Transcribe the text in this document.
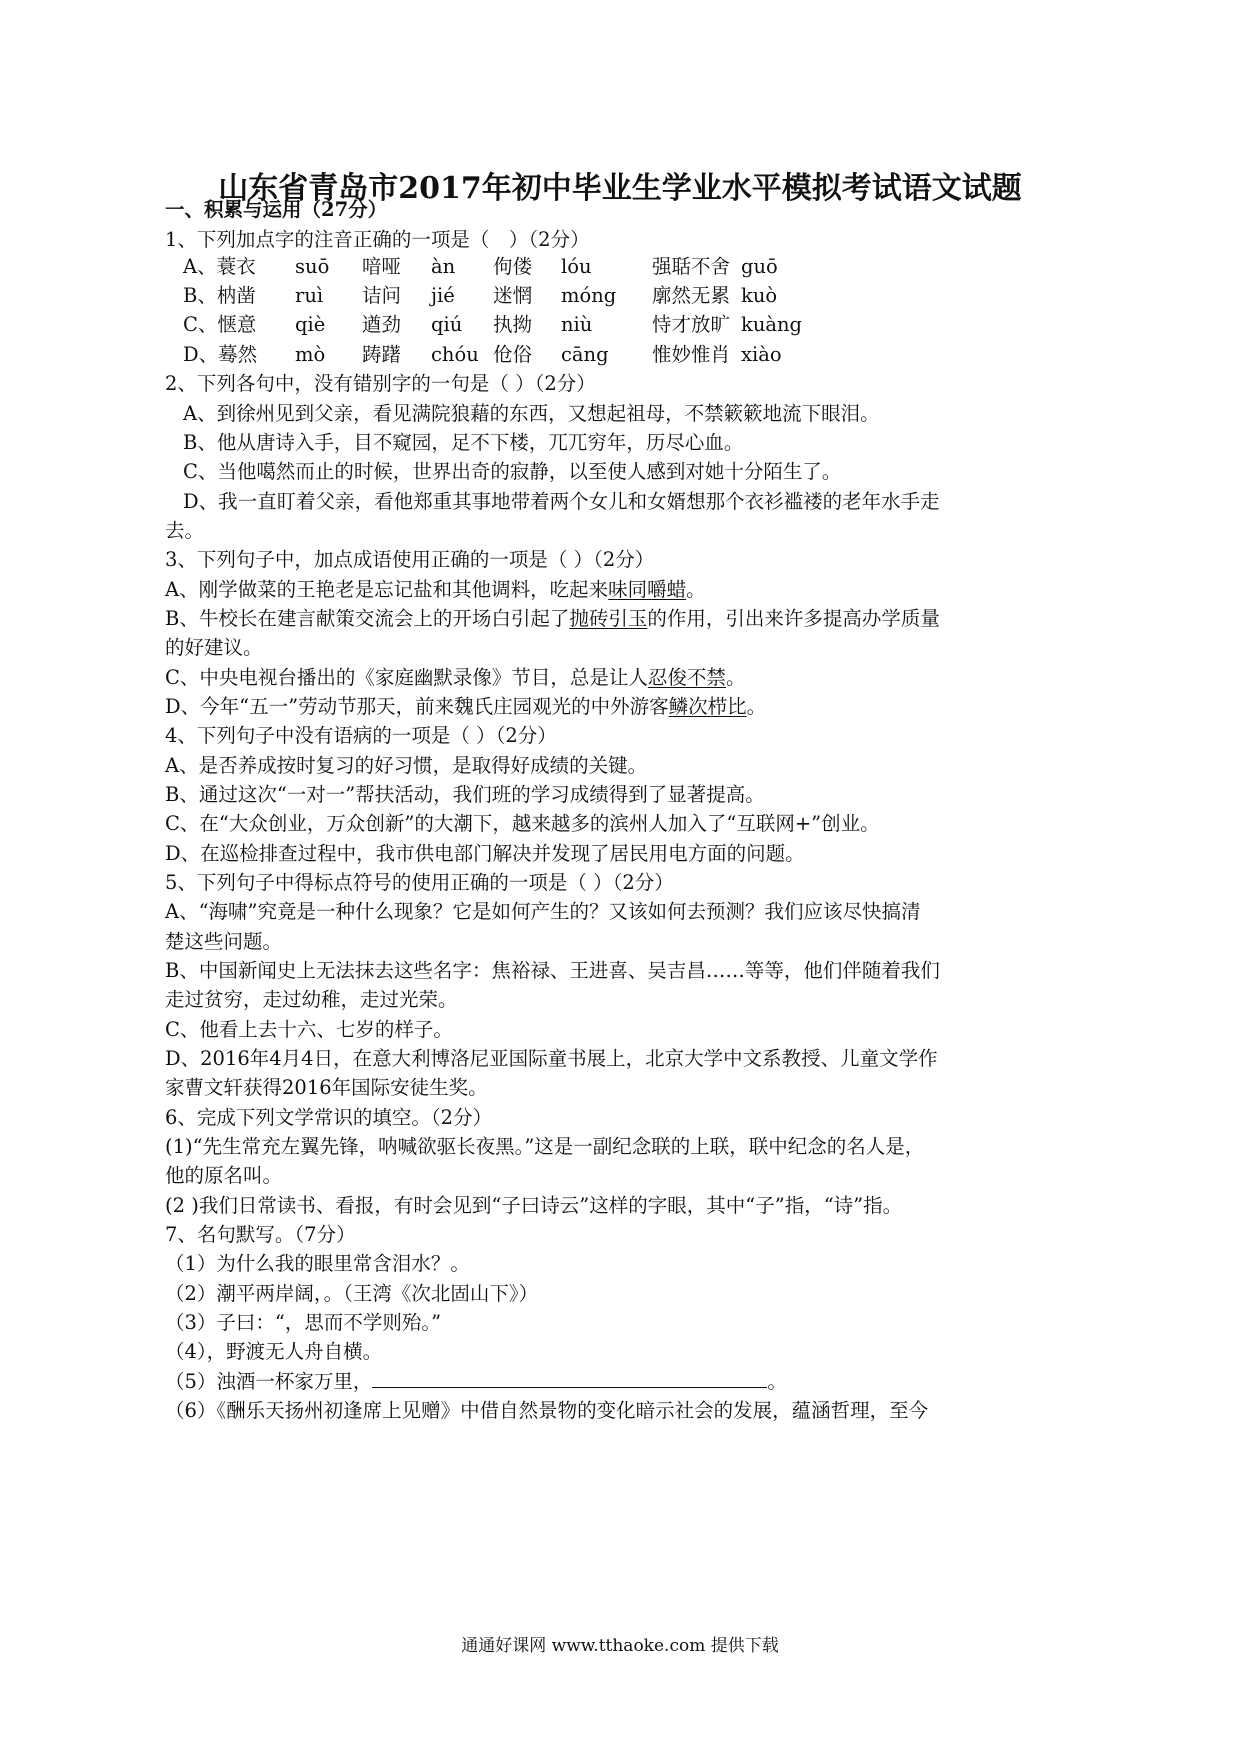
山东省青岛市2017年初中毕业生学业水平模拟考试语文试题
一、积累与运用（27分）
1、下列加点字的注音正确的一项是（　）（2分）
A、蓑衣 suō 喑哑 àn 佝偻 lóu	强聒不舍 guō
B、枘凿 ruì 诘问 jié 迷惘 móng 廓然无累 kuò
C、惬意 qiè 遒劲 qiú 执拗 niù	恃才放旷 kuàng
D、蓦然 mò 踌躇 chóu 伧俗 cāng 惟妙惟肖 xiào
2、下列各句中，没有错别字的一句是（ ）（2分）
A、到徐州见到父亲，看见满院狼藉的东西，又想起祖母，不禁簌簌地流下眼泪。
B、他从唐诗入手，目不窥园，足不下楼，兀兀穷年，历尽心血。
C、当他噶然而止的时候，世界出奇的寂静，以至使人感到对她十分陌生了。
D、我一直盯着父亲，看他郑重其事地带着两个女儿和女婿想那个衣衫褴褛的老年水手走
去。
3、下列句子中，加点成语使用正确的一项是（ ）（2分）
A、刚学做菜的王艳老是忘记盐和其他调料，吃起来味同嚼蜡。
B、牛校长在建言献策交流会上的开场白引起了抛砖引玉的作用，引出来许多提高办学质量
的好建议。
C、中央电视台播出的《家庭幽默录像》节目，总是让人忍俊不禁。
D、今年“五一”劳动节那天，前来魏氏庄园观光的中外游客鳞次栉比。
4、下列句子中没有语病的一项是（ ）（2分）
A、是否养成按时复习的好习惯，是取得好成绩的关键。
B、通过这次“一对一”帮扶活动，我们班的学习成绩得到了显著提高。
C、在“大众创业，万众创新”的大潮下，越来越多的滨州人加入了“互联网+”创业。
D、在巡检排查过程中，我市供电部门解决并发现了居民用电方面的问题。
5、下列句子中得标点符号的使用正确的一项是（ ）（2分）
A、“海啸”究竟是一种什么现象？它是如何产生的？又该如何去预测？我们应该尽快搞清
楚这些问题。
B、中国新闻史上无法抹去这些名字：焦裕禄、王进喜、吴吉昌……等等，他们伴随着我们
走过贫穷，走过幼稚，走过光荣。
C、他看上去十六、七岁的样子。
D、2016年4月4日，在意大利博洛尼亚国际童书展上，北京大学中文系教授、儿童文学作
家曹文轩获得2016年国际安徒生奖。
6、完成下列文学常识的填空。（2分）
(1)“先生常充左翼先锋，呐喊欲驱长夜黑。”这是一副纪念联的上联，联中纪念的名人是，
他的原名叫。
(2 )我们日常读书、看报，有时会见到“子曰诗云”这样的字眼，其中“子”指，“诗”指。
7、名句默写。（7分）
（1）为什么我的眼里常含泪水？。
（2）潮平两岸阔，。（王湾《次北固山下》）
（3）子曰：“，思而不学则殆。”
（4），野渡无人舟自横。
（5）浊酒一杯家万里，	。
（6）《酬乐天扬州初逢席上见赠》中借自然景物的变化暗示社会的发展，蕴涵哲理，至今
通通好课网 www.tthaoke.com 提供下载
